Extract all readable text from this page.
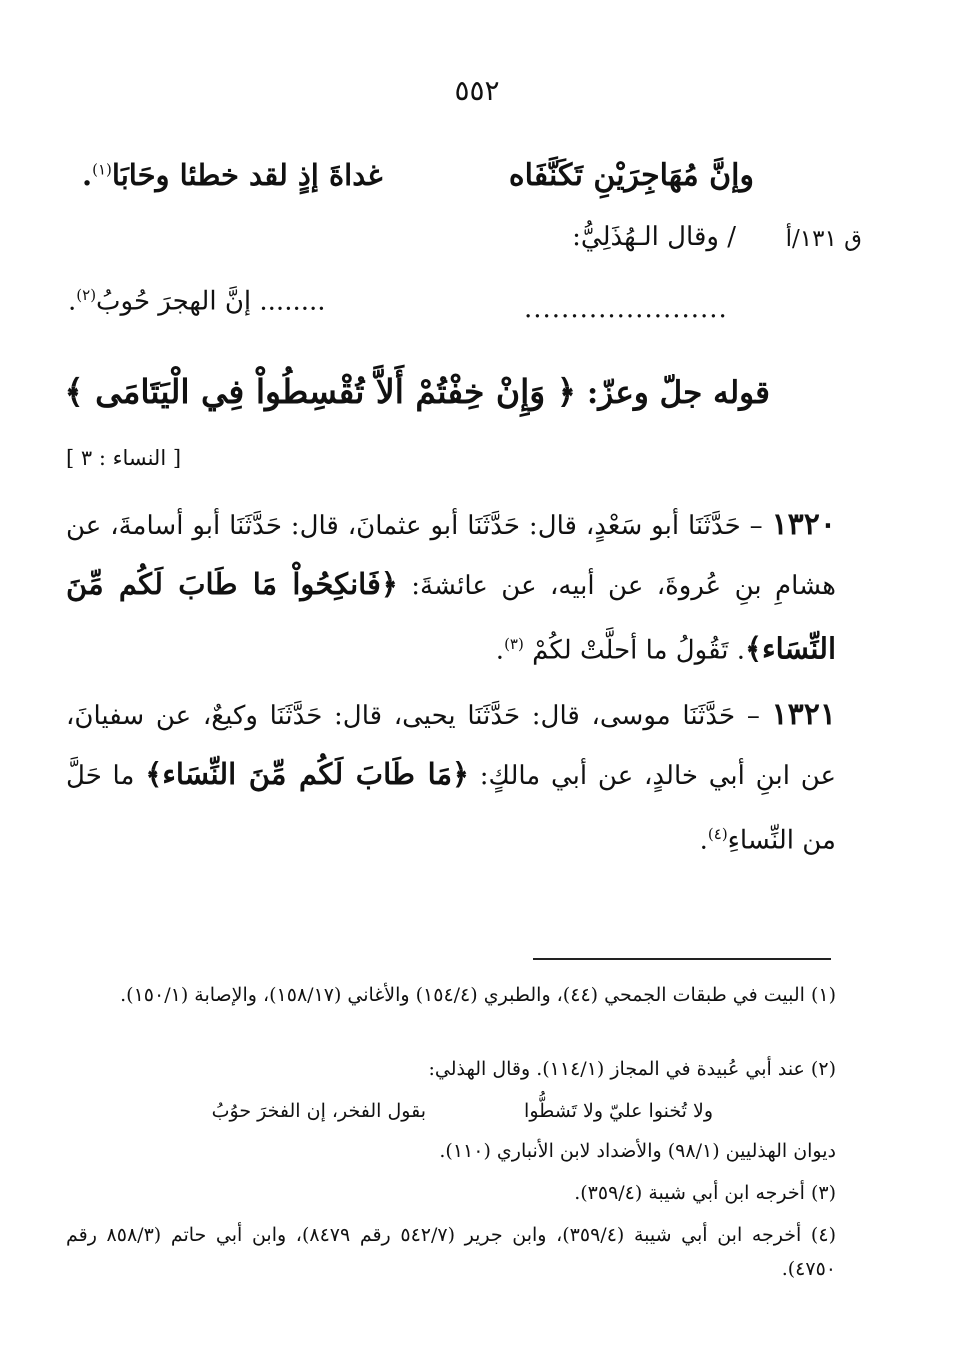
٥٥٢
وإنَّ مُهَاجِرَيْنِ تَكَنَّفَاه
غداةَ إذٍ لقد خطئا وحَابَا$^{(١)}$.
ق ١٣١/أ
/ وقال الـهُذَلِيُّ:
......................
........ إنَّ الهجرَ حُوبُ$^{(٢)}$.
قوله جلّ وعزّ: ﴿ وَإِنْ خِفْتُمْ أَلاَّ تُقْسِطُواْ فِي الْيَتَامَى ﴾
[ النساء : ٣ ]
١٣٢٠ – حَدَّثَنَا أبو سَعْدٍ، قال: حَدَّثَنَا أبو عثمانَ، قال: حَدَّثَنَا أبو أسامةَ، عن هشامِ بنِ عُروةَ، عن أبيه، عن عائشةَ: ﴿فَانكِحُواْ مَا طَابَ لَكُم مِّنَ النِّسَاء﴾. تَقُولُ ما أحلَّتْ لكُمْ $^{(٣)}$.
١٣٢١ – حَدَّثَنَا موسى، قال: حَدَّثَنَا يحيى، قال: حَدَّثَنَا وكيعٌ، عن سفيانَ، عن ابنِ أبي خالدٍ، عن أبي مالكٍ: ﴿مَا طَابَ لَكُم مِّنَ النِّسَاء﴾ ما حَلَّ من النِّساءِ$^{(٤)}$.
(١) البيت في طبقات الجمحي (٤٤)، والطبري (١٥٤/٤) والأغاني (١٥٨/١٧)، والإصابة (١٥٠/١).
(٢) عند أبي عُبيدة في المجاز (١١٤/١). وقال الهذلي:
ولا تُخنوا عليّ ولا تَشطُّوا
بقول الفخر، إن الفخرَ حوُبُ
ديوان الهذليين (٩٨/١) والأضداد لابن الأنباري (١١٠).
(٣) أخرجه ابن أبي شيبة (٣٥٩/٤).
(٤) أخرجه ابن أبي شيبة (٣٥٩/٤)، وابن جرير (٥٤٢/٧ رقم ٨٤٧٩)، وابن أبي حاتم (٨٥٨/٣ رقم ٤٧٥٠).
